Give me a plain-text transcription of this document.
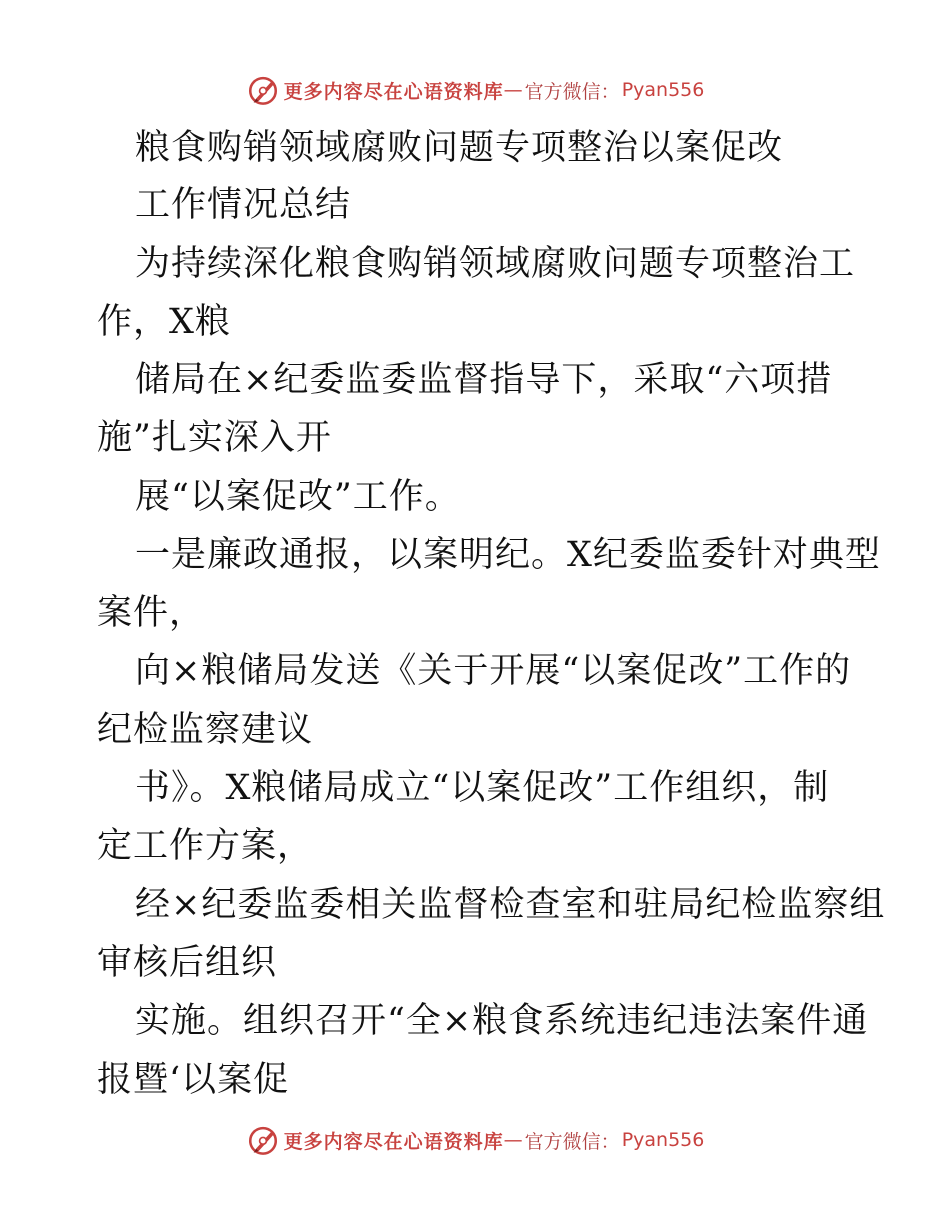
更多内容尽在心语资料库 — 官方微信： Pyan556
粮食购销领域腐败问题专项整治以案促改
工作情况总结
为持续深化粮食购销领域腐败问题专项整治工
作，X粮
储局在×纪委监委监督指导下，采取“六项措
施”扎实深入开
展“以案促改”工作。
一是廉政通报，以案明纪。X纪委监委针对典型
案件，
向×粮储局发送《关于开展“以案促改”工作的
纪检监察建议
书》。X粮储局成立“以案促改”工作组织，制
定工作方案，
经×纪委监委相关监督检查室和驻局纪检监察组
审核后组织
实施。组织召开“全×粮食系统违纪违法案件通
报暨‘以案促
更多内容尽在心语资料库 — 官方微信： Pyan556
